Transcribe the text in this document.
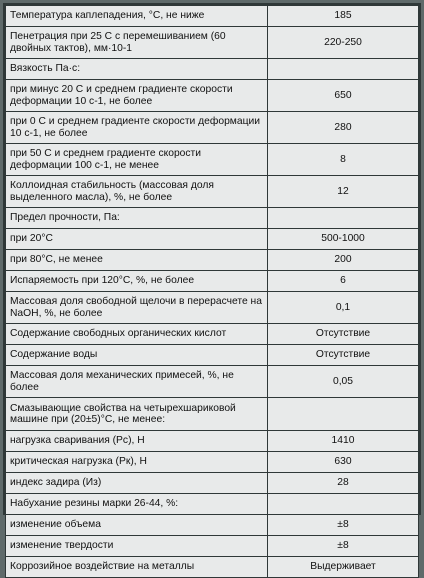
Температура каплепадения, °С, не ниже	185
Пенетрация при 25 С с перемешиванием (60 двойных тактов), мм·10-1	220-250
Вязкость Па·с:	
при минус 20 С и среднем градиенте скорости деформации 10 с-1, не более	650
при 0 С и среднем градиенте скорости деформации 10 с-1, не более	280
при 50 С и среднем градиенте скорости деформации 100 с-1, не менее	8
Коллоидная стабильность (массовая доля выделенного масла), %, не более	12
Предел прочности, Па:	
при 20°С	500-1000
при 80°С, не менее	200
Испаряемость при 120°С, %, не более	6
Массовая доля свободной щелочи в перерасчете на NaOH, %, не более	0,1
Содержание свободных органических кислот	Отсутствие
Содержание воды	Отсутствие
Массовая доля механических примесей, %, не более	0,05
Смазывающие свойства на четырехшариковой машине при (20±5)°С, не менее:	
нагрузка сваривания (Рс), Н	1410
критическая нагрузка (Рк), Н	630
индекс задира (Из)	28
Набухание резины марки 26-44, %:	
изменение объема	±8
изменение твердости	±8
Коррозийное воздействие на металлы	Выдерживает
